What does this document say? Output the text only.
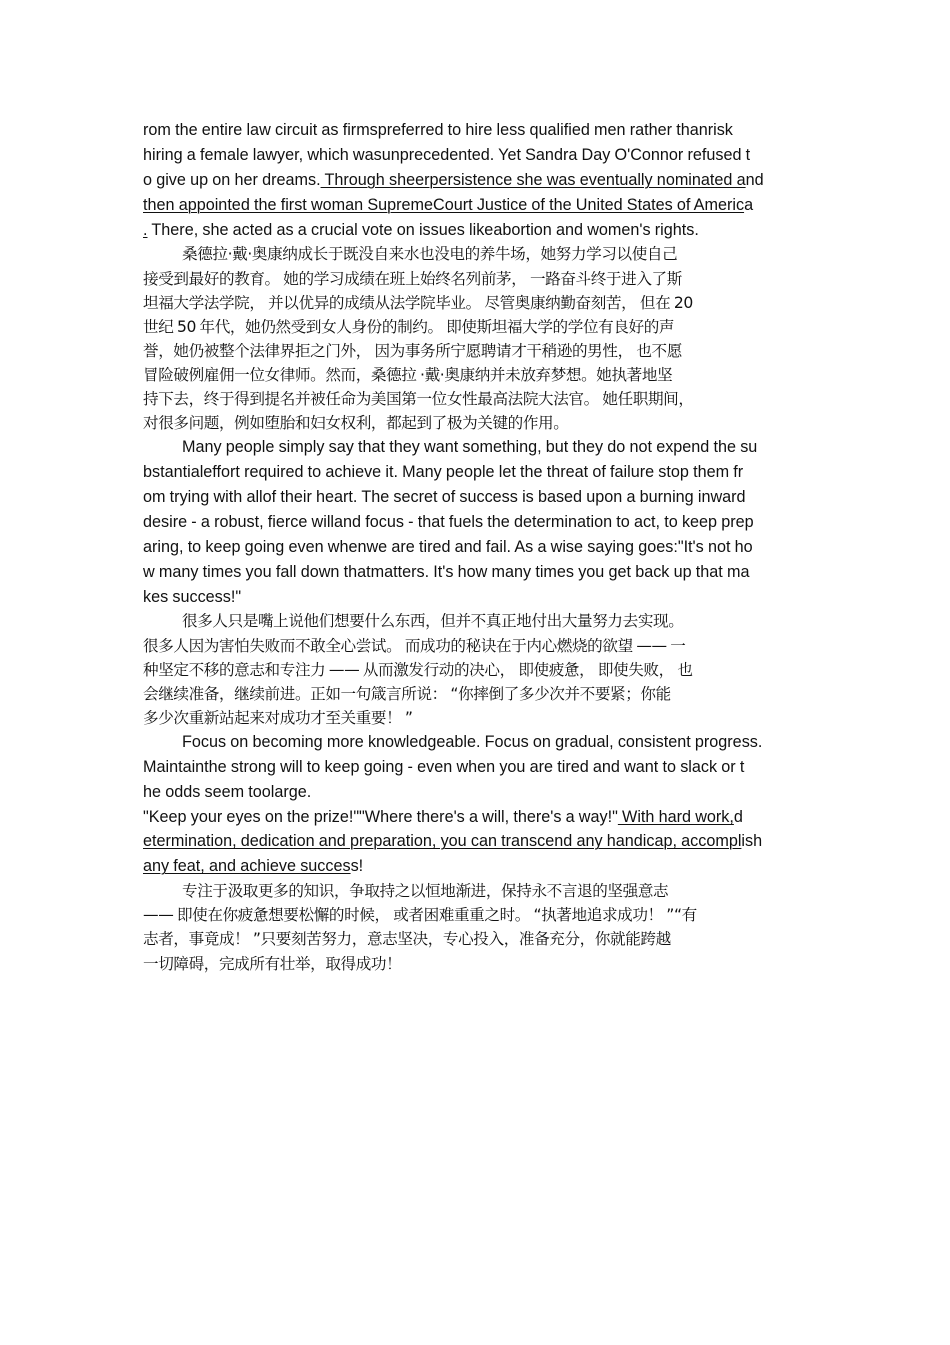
rom the entire law circuit as firmspreferred to hire less qualified men rather thanrisk
hiring a female lawyer, which wasunprecedented. Yet Sandra Day O'Connor refused t
o give up on her dreams. Through sheerpersistence she was eventually nominated and
then appointed the first woman SupremeCourt Justice of the United States of America
. There, she acted as a crucial vote on issues likeabortion and women's rights.
桑德拉·戴·奥康纳成长于既没自来水也没电的养牛场，她努力学习以使自己
接受到最好的教育。 她的学习成绩在班上始终名列前茅， 一路奋斗终于进入了斯
坦福大学法学院， 并以优异的成绩从法学院毕业。 尽管奥康纳勤奋刻苦， 但在 20
世纪 50 年代，她仍然受到女人身份的制约。 即使斯坦福大学的学位有良好的声
誉，她仍被整个法律界拒之门外， 因为事务所宁愿聘请才干稍逊的男性， 也不愿
冒险破例雇佣一位女律师。然而，桑德拉 ·戴·奥康纳并未放弃梦想。她执著地坚
持下去，终于得到提名并被任命为美国第一位女性最高法院大法官。 她任职期间，
对很多问题，例如堕胎和妇女权利，都起到了极为关键的作用。
Many people simply say that they want something, but they do not expend the su
bstantialeffort required to achieve it. Many people let the threat of failure stop them fr
om trying with allof their heart. The secret of success is based upon a burning inward
desire - a robust, fierce willand focus - that fuels the determination to act, to keep prep
aring, to keep going even whenwe are tired and fail. As a wise saying goes:"It's not ho
w many times you fall down thatmatters. It's how many times you get back up that ma
kes success!"
很多人只是嘴上说他们想要什么东西，但并不真正地付出大量努力去实现。
很多人因为害怕失败而不敢全心尝试。 而成功的秘诀在于内心燃烧的欲望 —— 一
种坚定不移的意志和专注力 —— 从而激发行动的决心， 即使疲惫， 即使失败， 也
会继续准备，继续前进。正如一句箴言所说： “你摔倒了多少次并不要紧；你能
多少次重新站起来对成功才至关重要！ ”
Focus on becoming more knowledgeable. Focus on gradual, consistent progress.
Maintainthe strong will to keep going - even when you are tired and want to slack or t
he odds seem toolarge.
"Keep your eyes on the prize!""Where there's a will, there's a way!" With hard work,d
etermination, dedication and preparation, you can transcend any handicap, accomplish
any feat, and achieve success!
专注于汲取更多的知识，争取持之以恒地渐进，保持永不言退的坚强意志
—— 即使在你疲惫想要松懈的时候， 或者困难重重之时。 “执著地追求成功！ ”“有
志者，事竟成！ ”只要刻苦努力，意志坚决，专心投入，准备充分，你就能跨越
一切障碍，完成所有壮举，取得成功！
